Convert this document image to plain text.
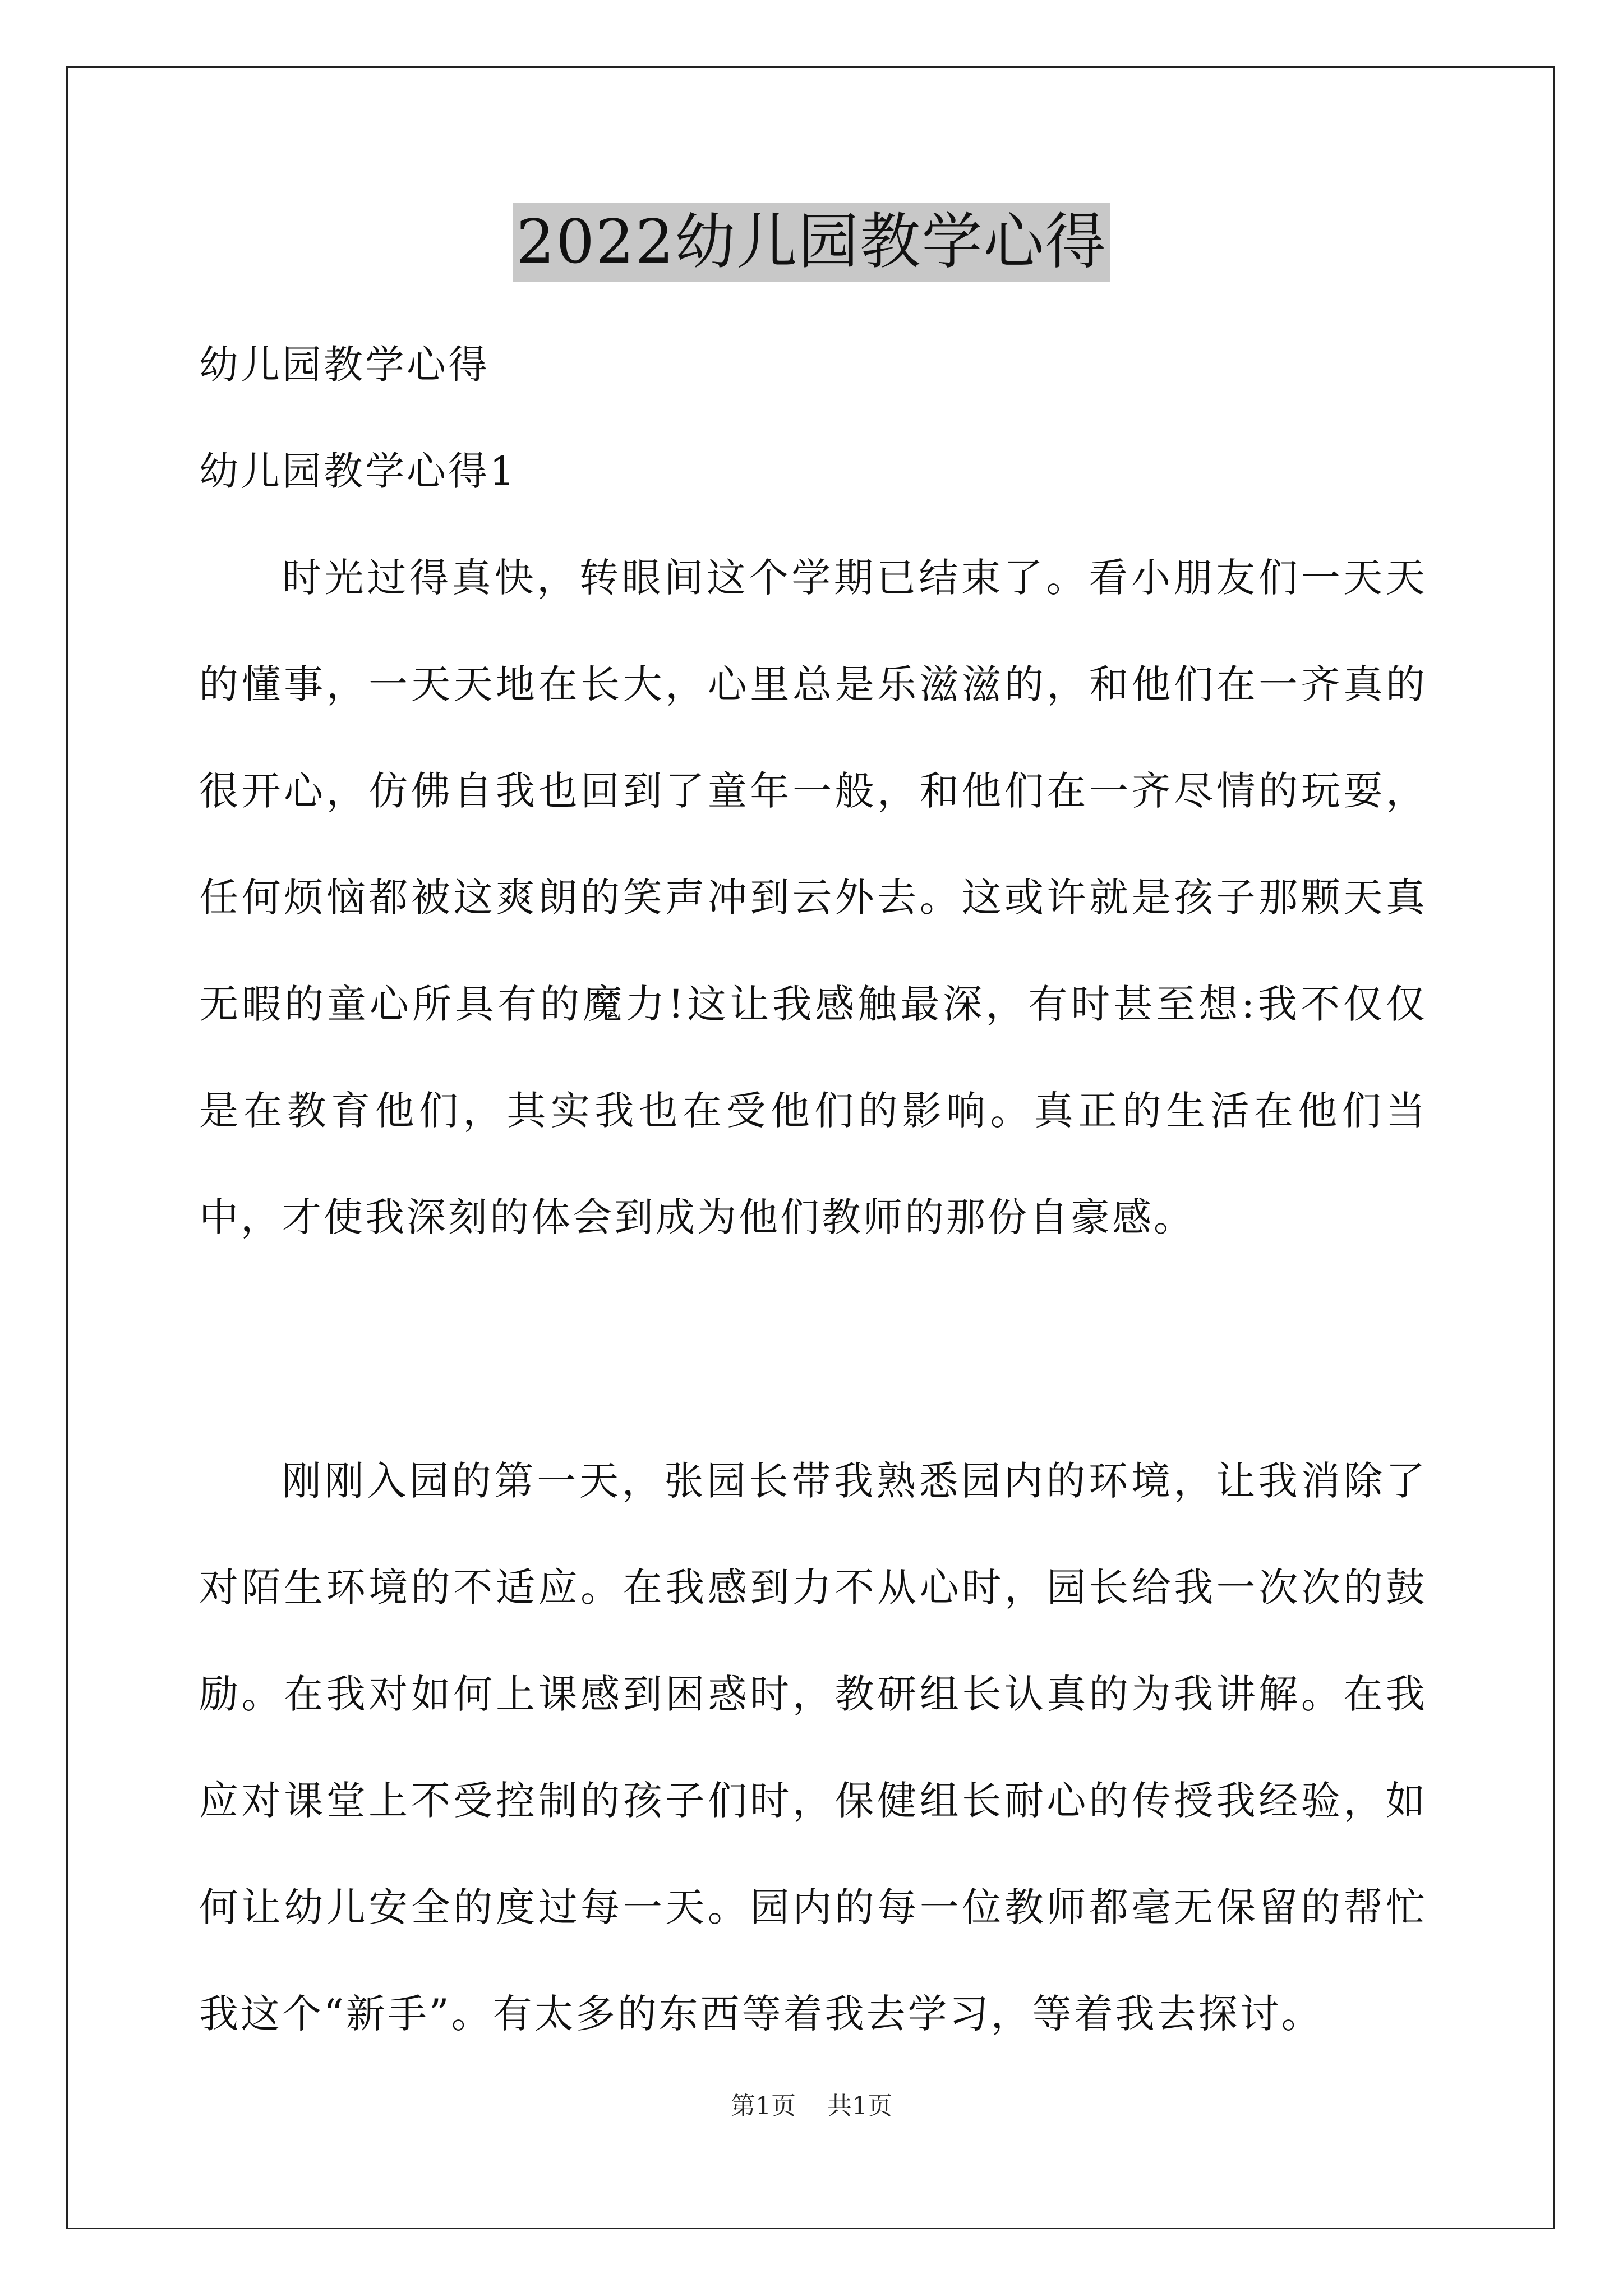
2022幼儿园教学心得
幼儿园教学心得
幼儿园教学心得1

时光过得真快，转眼间这个学期已结束了。看小朋友们一天天的懂事，一天天地在长大，心里总是乐滋滋的，和他们在一齐真的很开心，仿佛自我也回到了童年一般，和他们在一齐尽情的玩耍，任何烦恼都被这爽朗的笑声冲到云外去。这或许就是孩子那颗天真无暇的童心所具有的魔力!这让我感触最深，有时甚至想:我不仅仅是在教育他们，其实我也在受他们的影响。真正的生活在他们当中，才使我深刻的体会到成为他们教师的那份自豪感。

刚刚入园的第一天，张园长带我熟悉园内的环境，让我消除了对陌生环境的不适应。在我感到力不从心时，园长给我一次次的鼓励。在我对如何上课感到困惑时，教研组长认真的为我讲解。在我应对课堂上不受控制的孩子们时，保健组长耐心的传授我经验，如何让幼儿安全的度过每一天。园内的每一位教师都毫无保留的帮忙我这个“新手”。有太多的东西等着我去学习，等着我去探讨。

第1页 共1页
